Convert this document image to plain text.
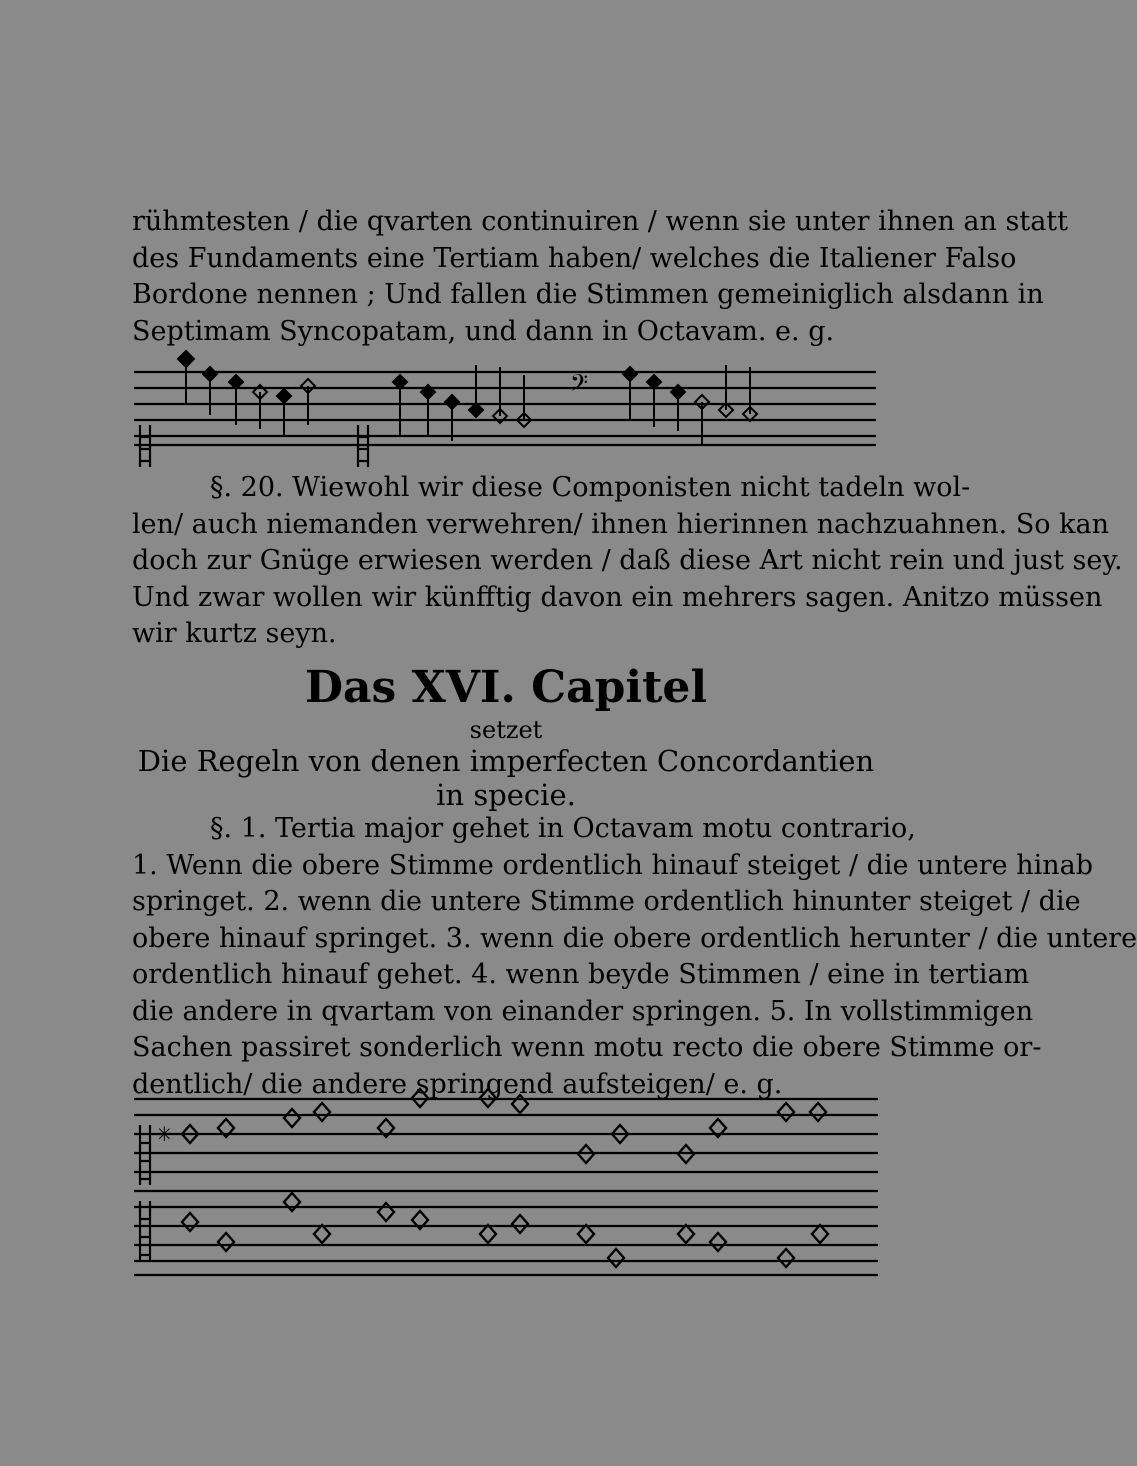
rühmtesten / die qvarten continuiren / wenn sie unter ihnen an statt
des Fundaments eine Tertiam haben/ welches die Italiener Falso
Bordone nennen ; Und fallen die Stimmen gemeiniglich alsdann in
Septimam Syncopatam, und dann in Octavam. e. g.
𝄢
§. 20. Wiewohl wir diese Componisten nicht tadeln wol-
len/ auch niemanden verwehren/ ihnen hierinnen nachzuahnen. So kan
doch zur Gnüge erwiesen werden / daß diese Art nicht rein und just sey.
Und zwar wollen wir künfftig davon ein mehrers sagen. Anitzo müssen
wir kurtz seyn.
Das XVI. Capitel
setzet
Die Regeln von denen imperfecten Concordantien
in specie.
§. 1. Tertia major gehet in Octavam motu contrario,
1. Wenn die obere Stimme ordentlich hinauf steiget / die untere hinab
springet. 2. wenn die untere Stimme ordentlich hinunter steiget / die
obere hinauf springet. 3. wenn die obere ordentlich herunter / die untere
ordentlich hinauf gehet. 4. wenn beyde Stimmen / eine in tertiam
die andere in qvartam von einander springen. 5. In vollstimmigen
Sachen passiret sonderlich wenn motu recto die obere Stimme or-
dentlich/ die andere springend aufsteigen/ e. g.
✳
